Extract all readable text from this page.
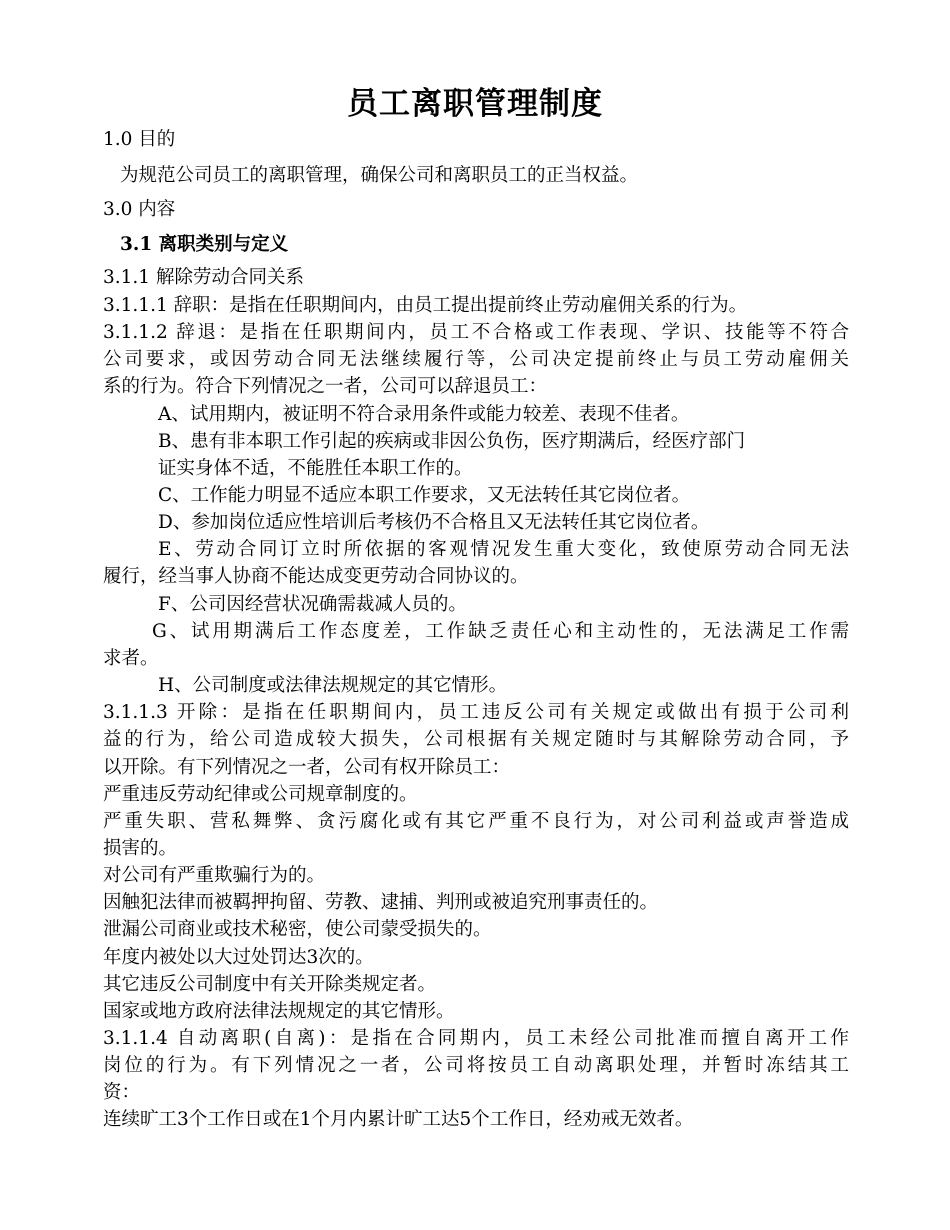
员工离职管理制度
1.0 目的
为规范公司员工的离职管理，确保公司和离职员工的正当权益。
3.0 内容
3.1 离职类别与定义
3.1.1 解除劳动合同关系
3.1.1.1 辞职：是指在任职期间内，由员工提出提前终止劳动雇佣关系的行为。
3.1.1.2 辞退：是指在任职期间内，员工不合格或工作表现、学识、技能等不符合
公司要求，或因劳动合同无法继续履行等，公司决定提前终止与员工劳动雇佣关
系的行为。符合下列情况之一者，公司可以辞退员工：
A、试用期内，被证明不符合录用条件或能力较差、表现不佳者。
B、患有非本职工作引起的疾病或非因公负伤，医疗期满后，经医疗部门
证实身体不适，不能胜任本职工作的。
C、工作能力明显不适应本职工作要求，又无法转任其它岗位者。
D、参加岗位适应性培训后考核仍不合格且又无法转任其它岗位者。
E、劳动合同订立时所依据的客观情况发生重大变化，致使原劳动合同无法
履行，经当事人协商不能达成变更劳动合同协议的。
F、公司因经营状况确需裁减人员的。
G、试用期满后工作态度差，工作缺乏责任心和主动性的，无法满足工作需
求者。
H、公司制度或法律法规规定的其它情形。
3.1.1.3 开除：是指在任职期间内，员工违反公司有关规定或做出有损于公司利
益的行为，给公司造成较大损失，公司根据有关规定随时与其解除劳动合同，予
以开除。有下列情况之一者，公司有权开除员工：
严重违反劳动纪律或公司规章制度的。
严重失职、营私舞弊、贪污腐化或有其它严重不良行为，对公司利益或声誉造成
损害的。
对公司有严重欺骗行为的。
因触犯法律而被羁押拘留、劳教、逮捕、判刑或被追究刑事责任的。
泄漏公司商业或技术秘密，使公司蒙受损失的。
年度内被处以大过处罚达3次的。
其它违反公司制度中有关开除类规定者。
国家或地方政府法律法规规定的其它情形。
3.1.1.4 自动离职(自离)：是指在合同期内，员工未经公司批准而擅自离开工作
岗位的行为。有下列情况之一者，公司将按员工自动离职处理，并暂时冻结其工
资：
连续旷工3个工作日或在1个月内累计旷工达5个工作日，经劝戒无效者。
